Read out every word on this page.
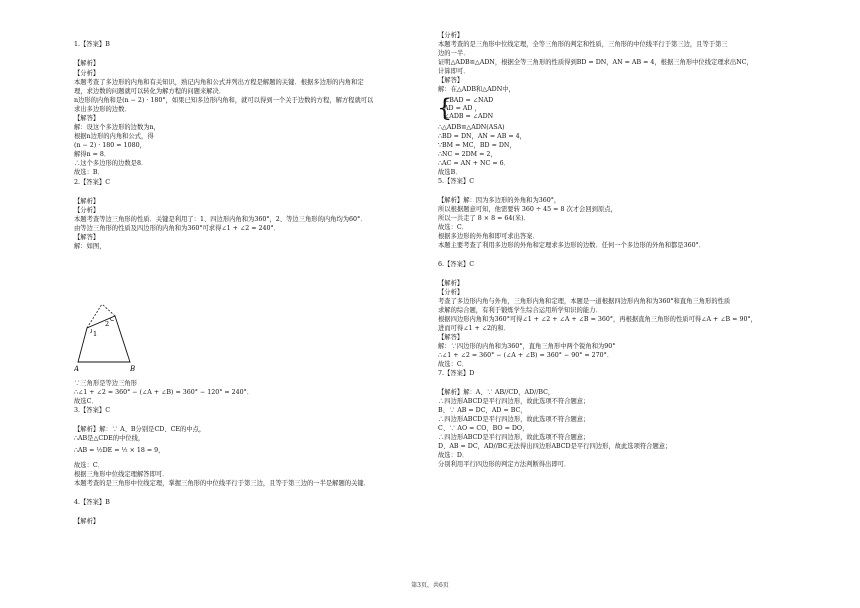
1.【答案】B
【解析】
【分析】
本题考查了多边形的内角和有关知识，熟记内角和公式并列出方程是解题的关键．根据多边形的内角和定
理，求边数的问题就可以转化为解方程的问题来解决．
n边形的内角和是(n − 2) · 180°，如果已知多边形内角和，就可以得到一个关于边数的方程，解方程就可以
求出多边形的边数．
【解答】
解：设这个多边形的边数为n，
根据n边形的内角和公式，得
(n − 2) · 180 = 1080，
解得n = 8．
∴这个多边形的边数是8．
故选：B．
2.【答案】C
【解析】
【分析】
本题考查等边三角形的性质．关键是利用了：1、四边形内角和为360°，2、等边三角形的内角均为60°．
由等边三角形的性质及四边形的内角和为360°可求得∠1 + ∠2 = 240°．
【解答】
解：如图，
∵三角形是等边三角形
∴∠1 + ∠2 = 360° − (∠A + ∠B) = 360° − 120° = 240°．
故选C．
3.【答案】C
【解析】解：∵ A、B分别是CD、CE的中点，
∴AB是△CDE的中位线，
∴AB = ½DE = ½ × 18 = 9，
故选：C．
根据三角形中位线定理解答即可．
本题考查的是三角形中位线定理，掌握三角形的中位线平行于第三边，且等于第三边的一半是解题的关键．
4.【答案】B
【解析】
【分析】
本题考查的是三角形中位线定理，全等三角形的判定和性质，三角形的中位线平行于第三边，且等于第三
边的一半．
证明△ADB≌△ADN，根据全等三角形的性质得到BD = DN，AN = AB = 4，根据三角形中位线定理求出NC，
计算即可．
【解答】
解：在△ADB和△ADN中，
∠BAD = ∠NAD
AD = AD ，
∠ADB = ∠ADN
∴△ADB≌△ADN(ASA)
∴BD = DN，AN = AB = 4，
∵BM = MC，BD = DN，
∴NC = 2DM = 2，
∴AC = AN + NC = 6．
故选B．
5.【答案】C
【解析】解：因为多边形的外角和为360°，
所以根据题意可知，他需要转 360 ÷ 45 = 8 次才会回到原点，
所以一共走了 8 × 8 = 64(米)．
故选：C．
根据多边形的外角和即可求出答案．
本题主要考查了利用多边形的外角和定理求多边形的边数．任何一个多边形的外角和都是360°．
6.【答案】C
【解析】
【分析】
考查了多边形内角与外角，三角形内角和定理，本题是一道根据四边形内角和为360°和直角三角形的性质
求解的综合题，有利于锻炼学生综合运用所学知识的能力．
根据四边形内角和为360°可得∠1 + ∠2 + ∠A + ∠B = 360°，再根据直角三角形的性质可得∠A + ∠B = 90°，
进而可得∠1 + ∠2的和．
【解答】
解：∵四边形的内角和为360°，直角三角形中两个锐角和为90°
∴∠1 + ∠2 = 360° − (∠A + ∠B) = 360° − 90° = 270°．
故选：C．
7.【答案】D
【解析】解：A、∵ AB//CD，AD//BC，
∴四边形ABCD是平行四边形，故此选项不符合题意；
B、∵ AB = DC，AD = BC，
∴四边形ABCD是平行四边形，故此选项不符合题意；
C、∵ AO = CO，BO = DO，
∴四边形ABCD是平行四边形，故此选项不符合题意；
D、AB = DC，AD//BC无法得出四边形ABCD是平行四边形，故此选项符合题意；
故选：D．
分别利用平行四边形的判定方法判断得出即可．
{
1
2
A	B
第3页，共6页
